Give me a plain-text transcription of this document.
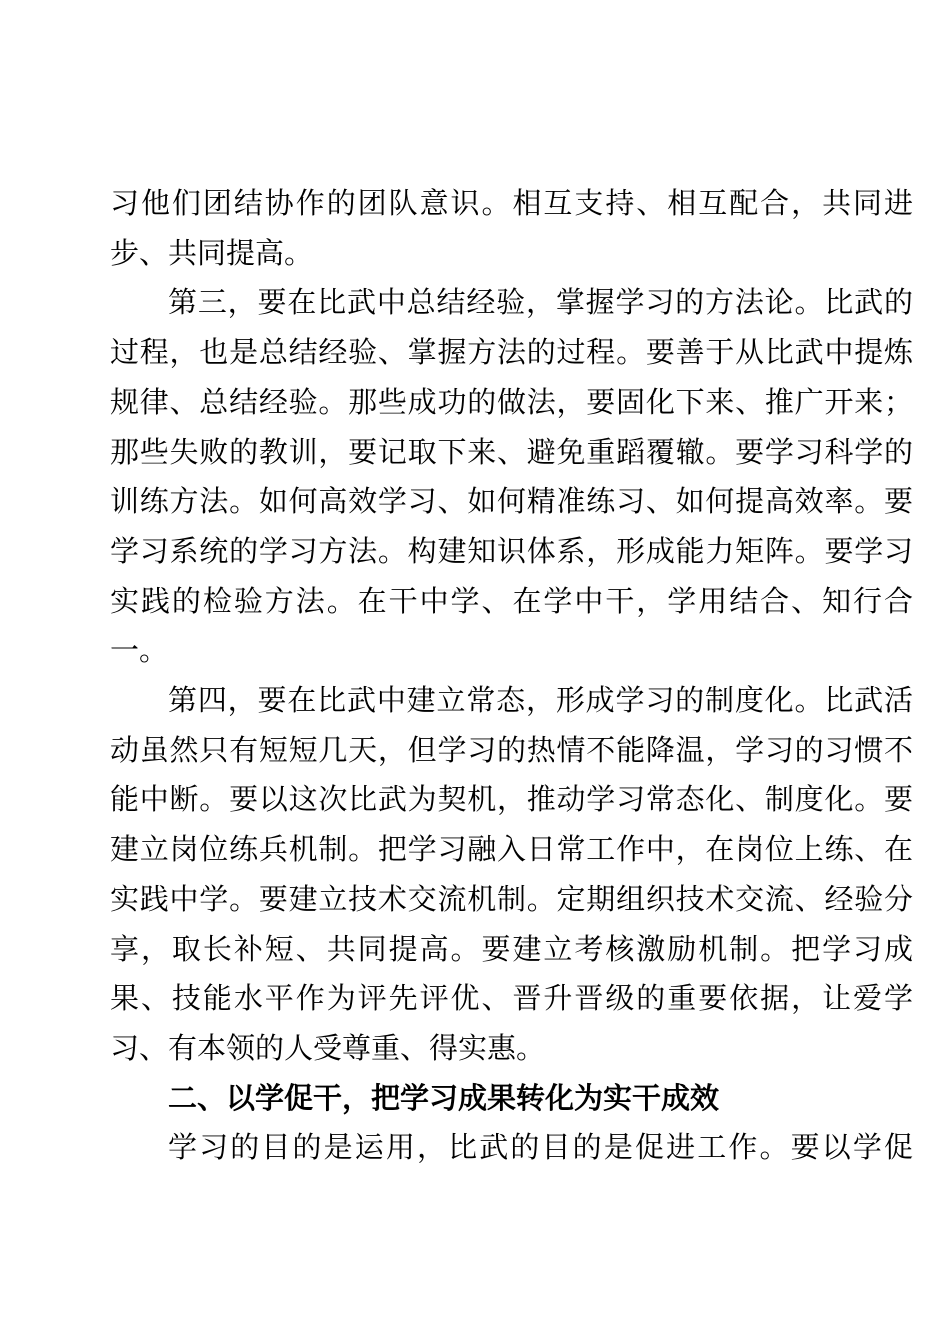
习他们团结协作的团队意识。相互支持、相互配合，共同进
步、共同提高。
第三，要在比武中总结经验，掌握学习的方法论。比武的
过程，也是总结经验、掌握方法的过程。要善于从比武中提炼
规律、总结经验。那些成功的做法，要固化下来、推广开来；
那些失败的教训，要记取下来、避免重蹈覆辙。要学习科学的
训练方法。如何高效学习、如何精准练习、如何提高效率。要
学习系统的学习方法。构建知识体系，形成能力矩阵。要学习
实践的检验方法。在干中学、在学中干，学用结合、知行合
一。
第四，要在比武中建立常态，形成学习的制度化。比武活
动虽然只有短短几天，但学习的热情不能降温，学习的习惯不
能中断。要以这次比武为契机，推动学习常态化、制度化。要
建立岗位练兵机制。把学习融入日常工作中，在岗位上练、在
实践中学。要建立技术交流机制。定期组织技术交流、经验分
享，取长补短、共同提高。要建立考核激励机制。把学习成
果、技能水平作为评先评优、晋升晋级的重要依据，让爱学
习、有本领的人受尊重、得实惠。
二、以学促干，把学习成果转化为实干成效
学习的目的是运用，比武的目的是促进工作。要以学促
